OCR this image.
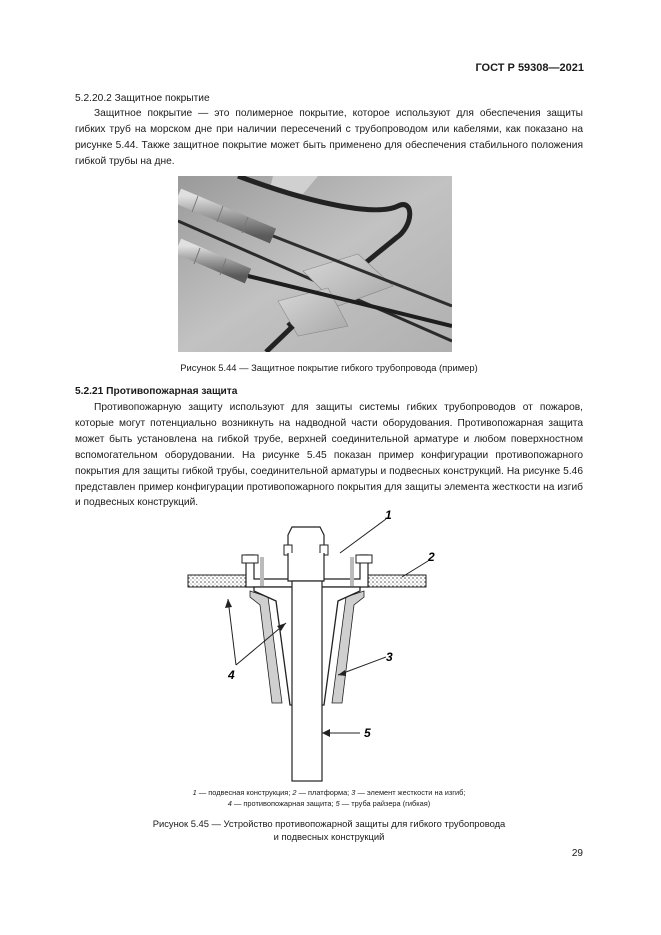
ГОСТ Р 59308—2021
5.2.20.2 Защитное покрытие
Защитное покрытие — это полимерное покрытие, которое используют для обеспечения защиты гибких труб на морском дне при наличии пересечений с трубопроводом или кабелями, как показано на рисунке 5.44. Также защитное покрытие может быть применено для обеспечения стабильного положения гибкой трубы на дне.
Рисунок 5.44 — Защитное покрытие гибкого трубопровода (пример)
5.2.21 Противопожарная защита
Противопожарную защиту используют для защиты системы гибких трубопроводов от пожаров, которые могут потенциально возникнуть на надводной части оборудования. Противопожарная защита может быть установлена на гибкой трубе, верхней соединительной арматуре и любом поверхностном вспомогательном оборудовании. На рисунке 5.45 показан пример конфигурации противопожарного покрытия для защиты гибкой трубы, соединительной арматуры и подвесных конструкций. На рисунке 5.46 представлен пример конфигурации противопожарного покрытия для защиты элемента жесткости на изгиб и подвесных конструкций.
1
2
3
4
5
1 — подвесная конструкция; 2 — платформа; 3 — элемент жесткости на изгиб;
4 — противопожарная защита; 5 — труба райзера (гибкая)
Рисунок 5.45 — Устройство противопожарной защиты для гибкого трубопровода
и подвесных конструкций
29
